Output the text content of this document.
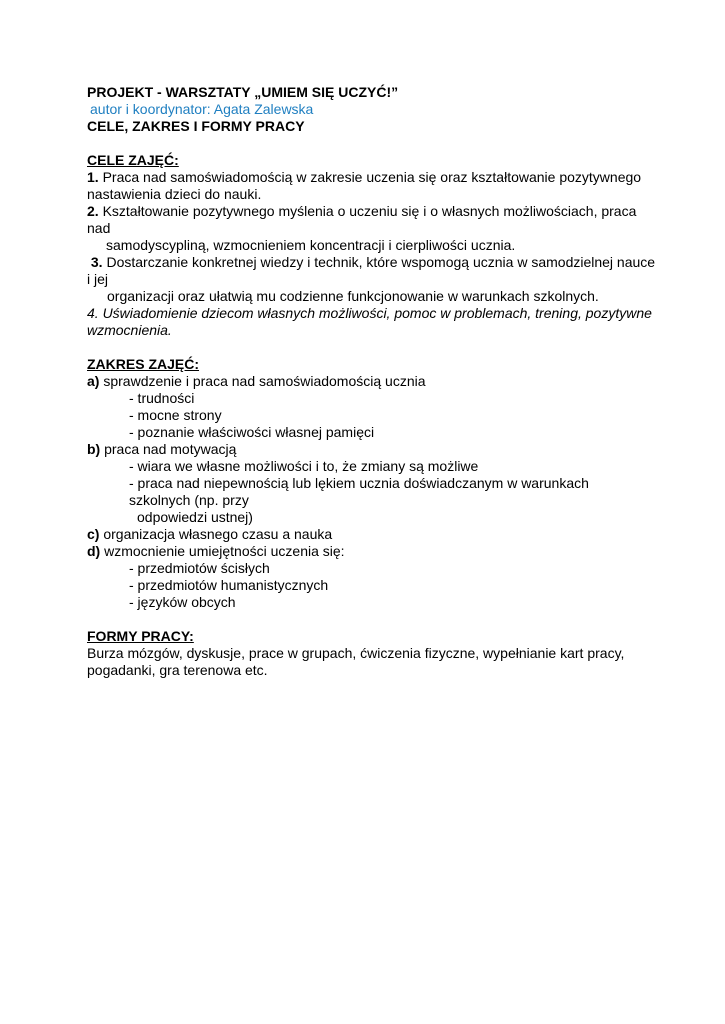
PROJEKT - WARSZTATY „UMIEM SIĘ UCZYĆ!”
autor i koordynator: Agata Zalewska
CELE, ZAKRES I FORMY PRACY
CELE ZAJĘĆ:
1. Praca nad samoświadomością w zakresie uczenia się oraz kształtowanie pozytywnego nastawienia dzieci do nauki.
2. Kształtowanie pozytywnego myślenia o uczeniu się i o własnych możliwościach, praca nad
samodyscypliną, wzmocnieniem koncentracji i cierpliwości ucznia.
3. Dostarczanie konkretnej wiedzy i technik, które wspomogą ucznia w samodzielnej nauce i jej
organizacji oraz ułatwią mu codzienne funkcjonowanie w warunkach szkolnych.
4. Uświadomienie dziecom własnych możliwości, pomoc w problemach, trening, pozytywne wzmocnienia.
ZAKRES ZAJĘĆ:
a) sprawdzenie i praca nad samoświadomością ucznia
- trudności
- mocne strony
- poznanie właściwości własnej pamięci
b) praca nad motywacją
- wiara we własne możliwości i to, że zmiany są możliwe
- praca nad niepewnością lub lękiem ucznia doświadczanym w warunkach szkolnych (np. przy
odpowiedzi ustnej)
c) organizacja własnego czasu a nauka
d) wzmocnienie umiejętności uczenia się:
- przedmiotów ścisłych
- przedmiotów humanistycznych
- języków obcych
FORMY PRACY:
Burza mózgów, dyskusje, prace w grupach, ćwiczenia fizyczne, wypełnianie kart pracy, pogadanki, gra terenowa etc.
